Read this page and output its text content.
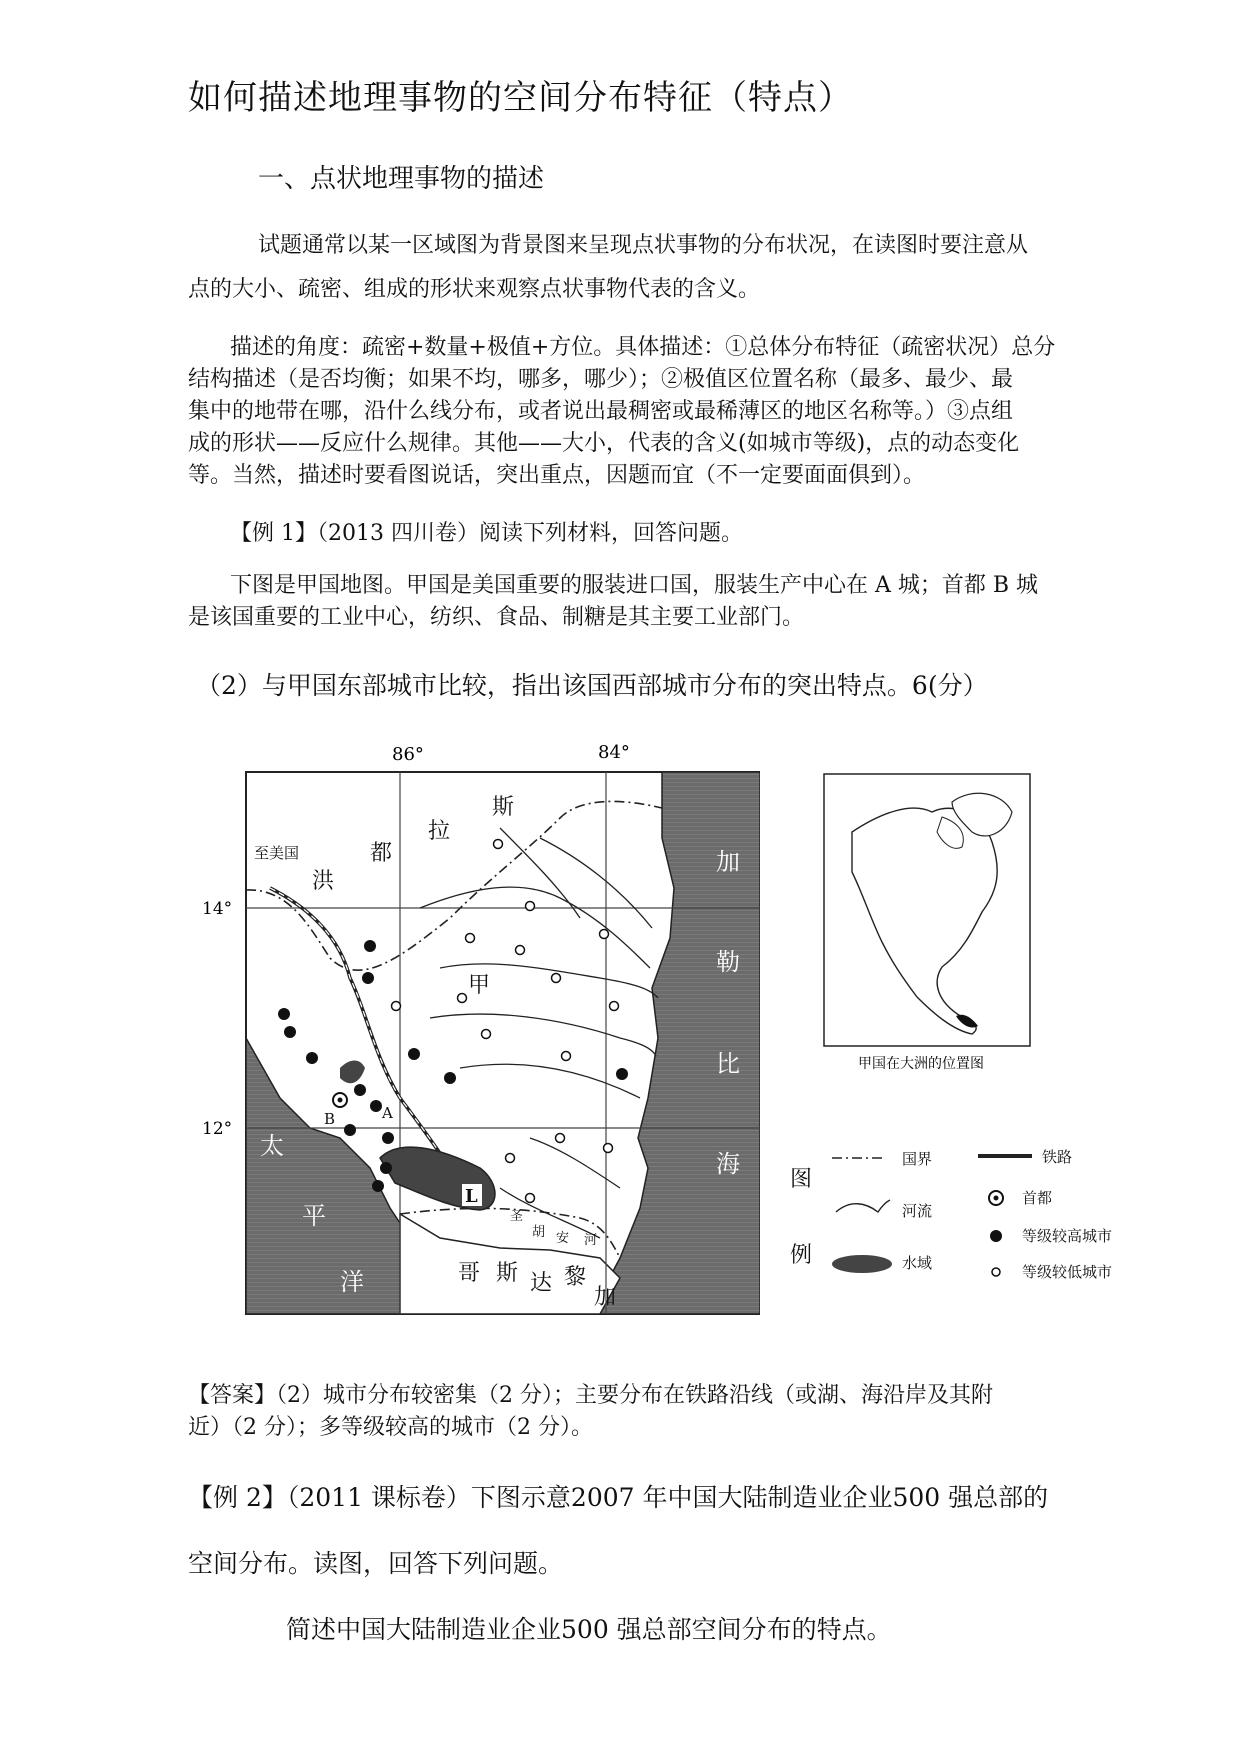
如何描述地理事物的空间分布特征（特点）
一、点状地理事物的描述
试题通常以某一区域图为背景图来呈现点状事物的分布状况，在读图时要注意从
点的大小、疏密、组成的形状来观察点状事物代表的含义。
描述的角度：疏密+数量+极值+方位。具体描述：①总体分布特征（疏密状况）总分
结构描述（是否均衡；如果不均，哪多，哪少）；②极值区位置名称（最多、最少、最
集中的地带在哪，沿什么线分布，或者说出最稠密或最稀薄区的地区名称等。）③点组
成的形状——反应什么规律。其他——大小，代表的含义(如城市等级)，点的动态变化
等。当然，描述时要看图说话，突出重点，因题而宜（不一定要面面俱到）。
【例 1】（2013 四川卷）阅读下列材料，回答问题。
下图是甲国地图。甲国是美国重要的服装进口国，服装生产中心在 A 城；首都 B 城
是该国重要的工业中心，纺织、食品、制糖是其主要工业部门。
（2）与甲国东部城市比较，指出该国西部城市分布的突出特点。6(分）
86°	84°
14°
12°
至美国
洪
都
拉
斯
甲
A
B
L
圣
胡 安 河
哥 斯 达 黎
加
加
勒
比
海
太
平
洋
甲国在大洲的位置图
图
例
国界
河流
水域
铁路
首都
等级较高城市
等级较低城市
【答案】（2）城市分布较密集（2 分）；主要分布在铁路沿线（或湖、海沿岸及其附
近）（2 分）；多等级较高的城市（2 分）。
【例 2】（2011 课标卷）下图示意2007 年中国大陆制造业企业500 强总部的
空间分布。读图，回答下列问题。
简述中国大陆制造业企业500 强总部空间分布的特点。
